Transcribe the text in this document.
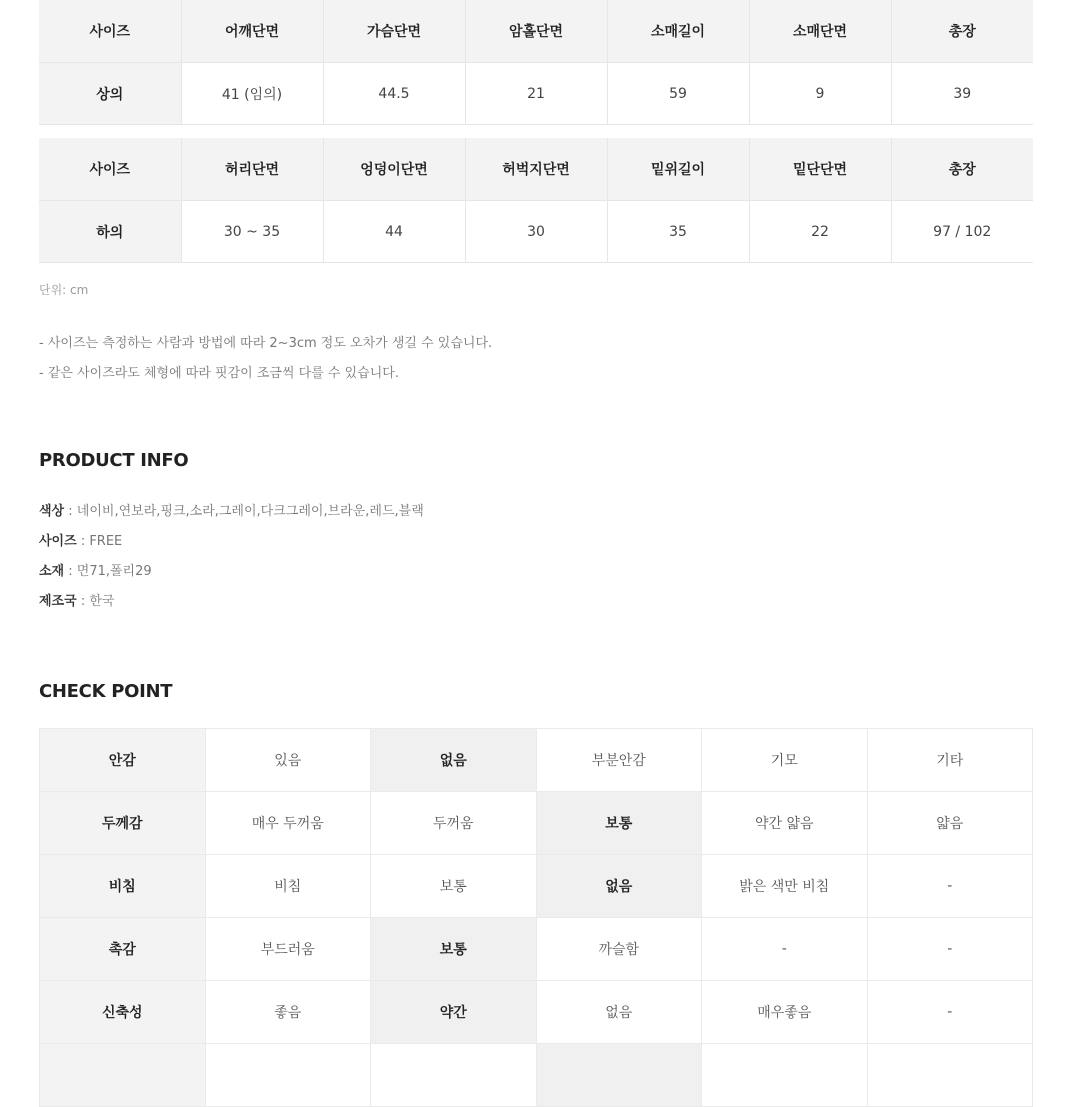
사이즈	어깨단면	가슴단면	암홀단면	소매길이	소매단면	총장
상의	41 (임의)	44.5	21	59	9	39
사이즈	허리단면	엉덩이단면	허벅지단면	밑위길이	밑단단면	총장
하의	30 ~ 35	44	30	35	22	97 / 102
단위: cm
- 사이즈는 측정하는 사람과 방법에 따라 2~3cm 정도 오차가 생길 수 있습니다.
- 같은 사이즈라도 체형에 따라 핏감이 조금씩 다를 수 있습니다.
PRODUCT INFO
색상 : 네이비,연보라,핑크,소라,그레이,다크그레이,브라운,레드,블랙
사이즈 : FREE
소재 : 면71,폴리29
제조국 : 한국
CHECK POINT
안감	있음	없음	부분안감	기모	기타
두께감	매우 두꺼움	두꺼움	보통	약간 얇음	얇음
비침	비침	보통	없음	밝은 색만 비침	-
촉감	부드러움	보통	까슬함	-	-
신축성	좋음	약간	없음	매우좋음	-
